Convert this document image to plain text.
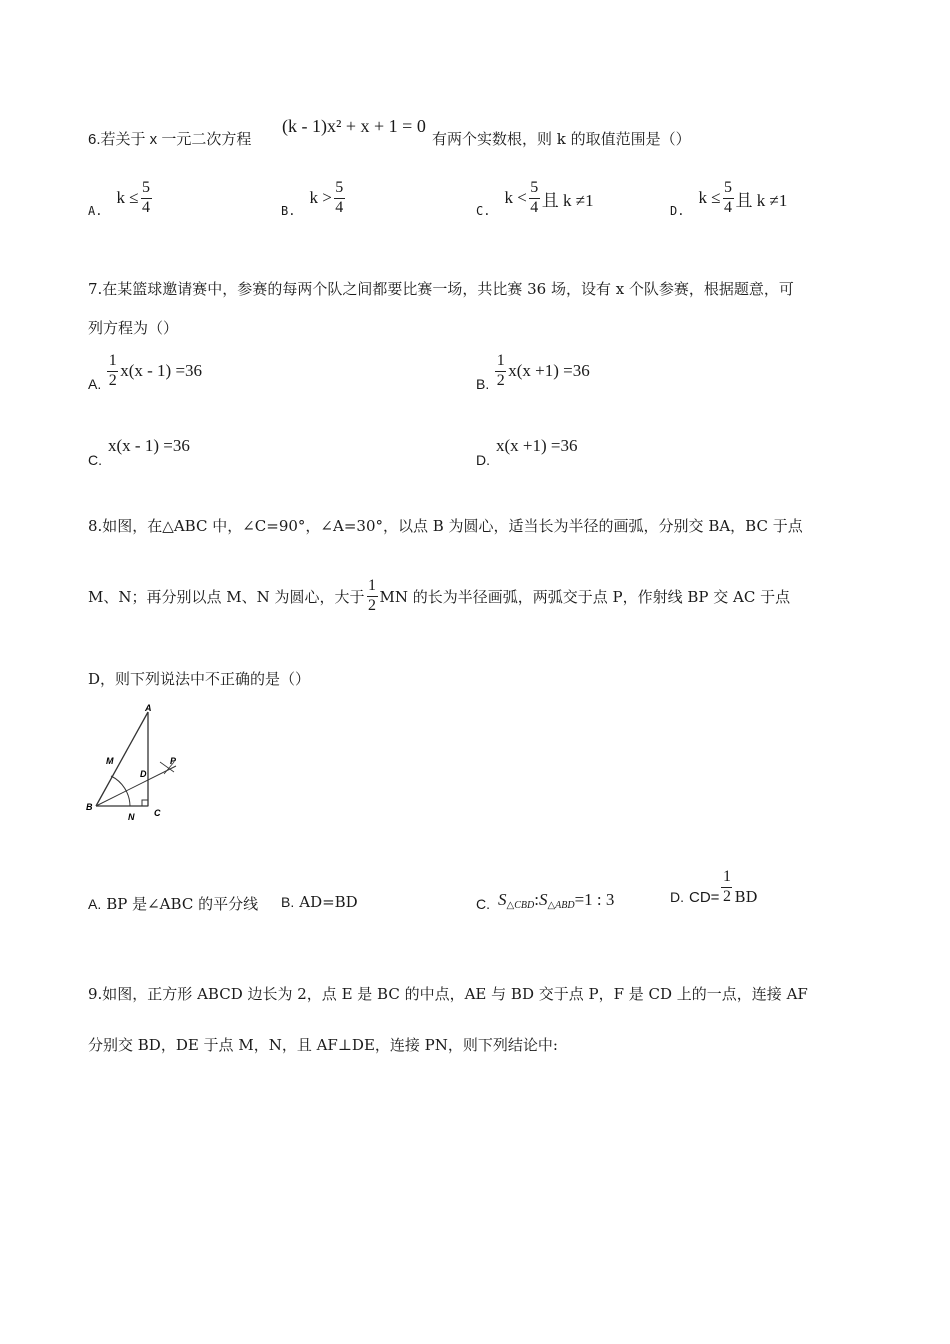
6.若关于 x 一元二次方程
(k - 1)x² + x + 1 = 0
有两个实数根，则 k 的取值范围是（）
A.
$k \le \frac{5}{4}$	B.
$k > \frac{5}{4}$	C.
$k < \frac{5}{4}$ 且 k ≠1
D.
$k \le \frac{5}{4}$ 且 k ≠1
7.在某篮球邀请赛中，参赛的每两个队之间都要比赛一场，共比赛 36 场，设有 x 个队参赛，根据题意，可
列方程为（）
A. $\frac{1}{2} x(x - 1) =36$
B. $\frac{1}{2} x(x +1) =36$
C.
x(x - 1) =36
D.
x(x +1) =36
8.如图，在△ABC 中，∠C=90°，∠A=30°，以点 B 为圆心，适当长为半径的画弧，分别交 BA，BC 于点
M、N；再分别以点 M、N 为圆心，大于 $\frac{1}{2}$ MN 的长为半径画弧，两弧交于点 P，作射线 BP 交 AC 于点
D，则下列说法中不正确的是（）
A
B
C
D
M
N
P
A. BP 是∠ABC 的平分线 B. AD=BD	C. S △CBD : S △ABD =1 : 3	D. $CD= \frac{1}{2}$ BD
9.如图，正方形 ABCD 边长为 2，点 E 是 BC 的中点，AE 与 BD 交于点 P，F 是 CD 上的一点，连接 AF
分别交 BD，DE 于点 M，N，且 AF⊥DE，连接 PN，则下列结论中:
